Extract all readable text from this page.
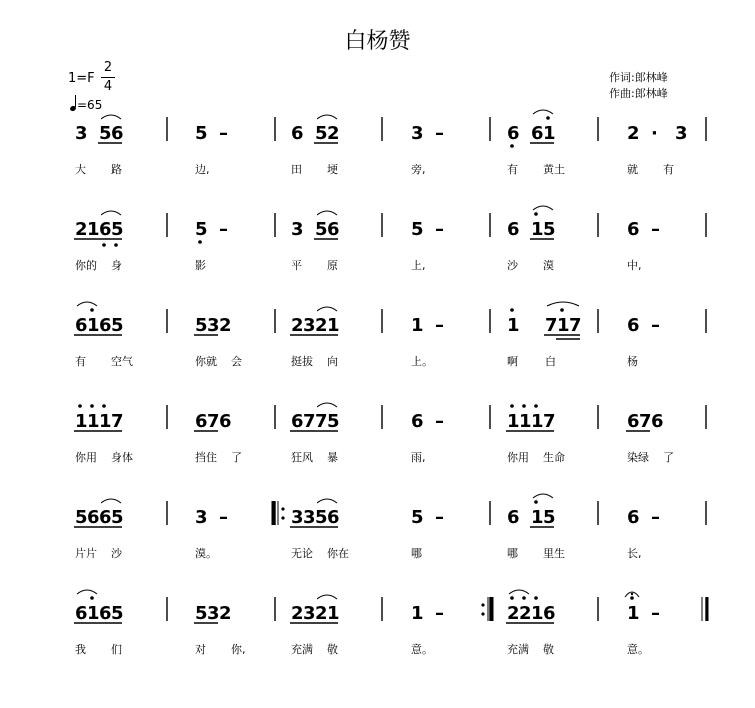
白杨赞
1=F
2
4
=65
作词:郎林峰
作曲:郎林峰
3 5 6
大 路
5 –
边,
6 5 2
田 埂
3 –
旁,
6 6 1
有 黄土
2 · 3
就 有
2 1 6 5
你的 身
5 –
影
3 5 6
平 原
5 –
上,
6 1 5
沙 漠
6 –
中,
6 1 6 5
有 空气
5 3 2
你就 会
2 3 2 1
挺拔 向
1 –
上。
1
啊
7 1 7
白
6 –
杨
1 1 1 7
你用 身体
6 7 6
挡住 了
6 7 7 5
狂风 暴
6 –
雨,
1 1 1 7
你用 生命
6 7 6
染绿 了
5 6 6 5
片片 沙
3 –
漠。
3 3 5 6
无论 你在
5 –
哪
6 1 5
哪 里生
6 –
长,
6 1 6 5
我 们
5 3 2
对 你,
2 3 2 1
充满 敬
1 –
意。
2 2 1 6
充满 敬
1 –
意。
